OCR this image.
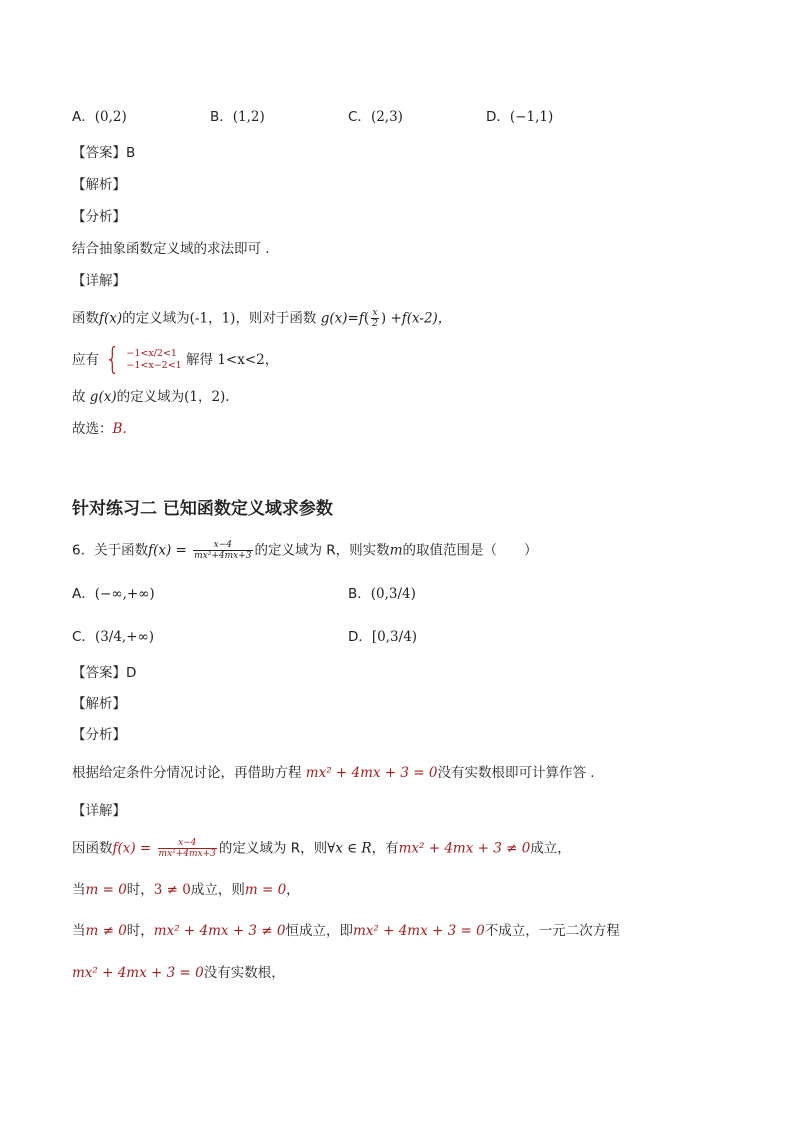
A．(0,2)	B．(1,2)	C．(2,3)	D．(−1,1)
【答案】B
【解析】
【分析】
结合抽象函数定义域的求法即可 .
【详解】
函数f(x)的定义域为(-1，1)，则对于函数 $g(x)=f( \frac{x}{2}$ ) +f(x-2)，
应有 { −1<x/2<1
−1<x−2<1 解得 1<x<2，
故 g(x)的定义域为(1，2).
故选：B.
针对练习二 已知函数定义域求参数
6．关于函数$f(x) = \frac{x-4}{\text{mx²+4mx+3}}$ 的定义域为 R，则实数m的取值范围是（　　）
A．(−∞,+∞)	B．(0,3/4)
C．(3/4,+∞)	D．[0,3/4)
【答案】D
【解析】
【分析】
根据给定条件分情况讨论，再借助方程 mx² + 4mx + 3 = 0没有实数根即可计算作答 .
【详解】
因函数$f(x) = \frac{x-4}{\text{mx²+4mx+3}}$ 的定义域为 R，则∀x ∈ R，有mx² + 4mx + 3 ≠ 0成立，
当m = 0时，3 ≠ 0成立，则m = 0，
当m ≠ 0时，mx² + 4mx + 3 ≠ 0恒成立，即mx² + 4mx + 3 = 0不成立，一元二次方程
mx² + 4mx + 3 = 0没有实数根，
